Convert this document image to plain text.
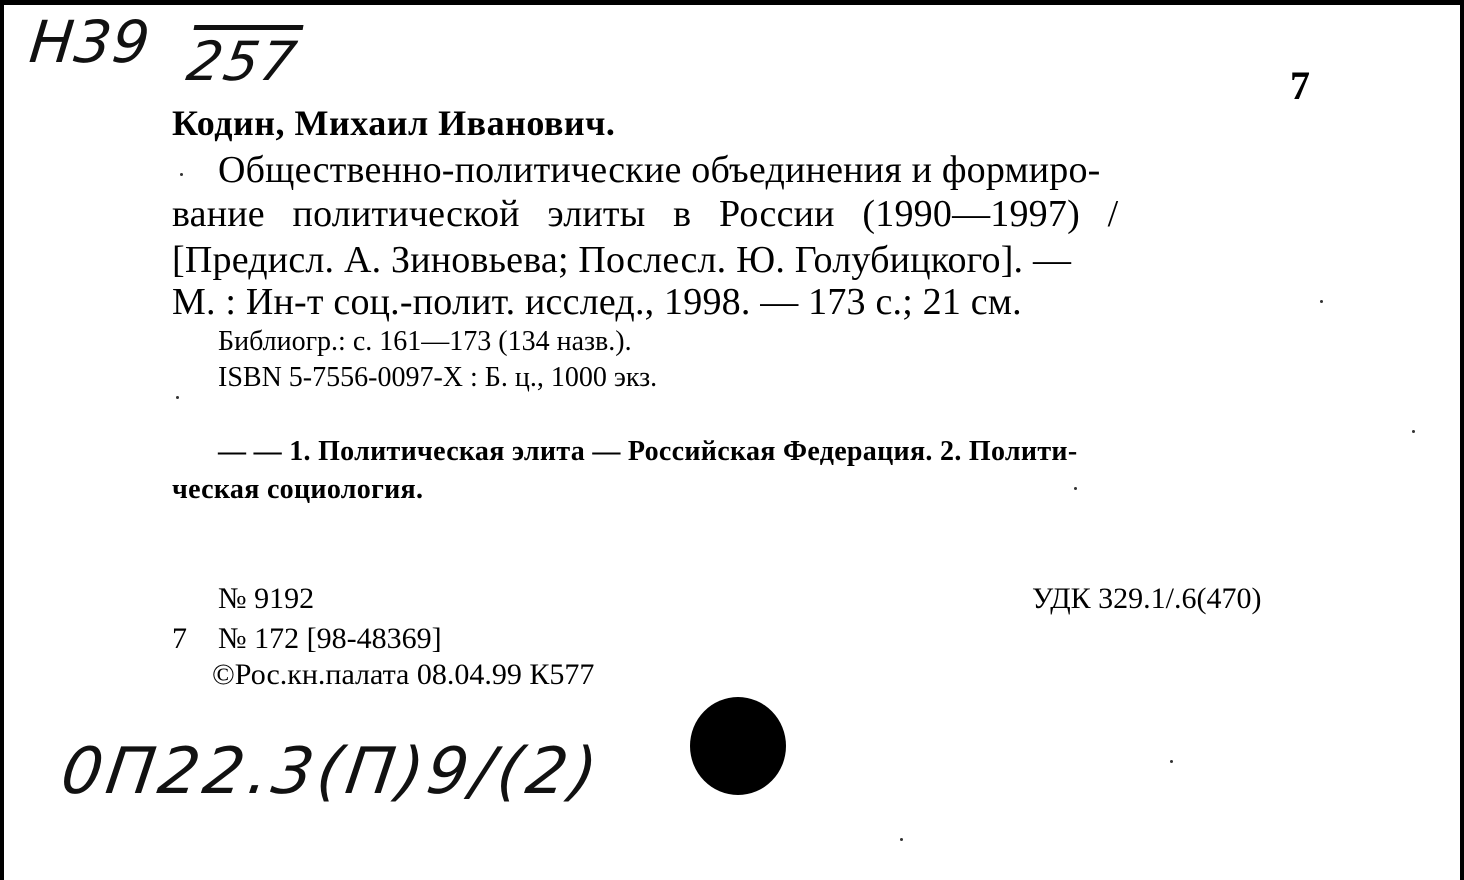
Н39 257	7
Кодин, Михаил Иванович.
Общественно-политические объединения и формиро-
вание политической элиты в России (1990—1997) /
[Предисл. А. Зиновьева; Послесл. Ю. Голубицкого]. —
М. : Ин-т соц.-полит. исслед., 1998. — 173 с.; 21 см.
Библиогр.: с. 161—173 (134 назв.).
ISBN 5-7556-0097-X : Б. ц., 1000 экз.
— — 1. Политическая элита — Российская Федерация. 2. Полити-
ческая социология.
№ 9192	УДК 329.1/.6(470)
7 № 172 [98-48369]
©Рос.кн.палата 08.04.99 К577
0П22.3(П)9/(2)
